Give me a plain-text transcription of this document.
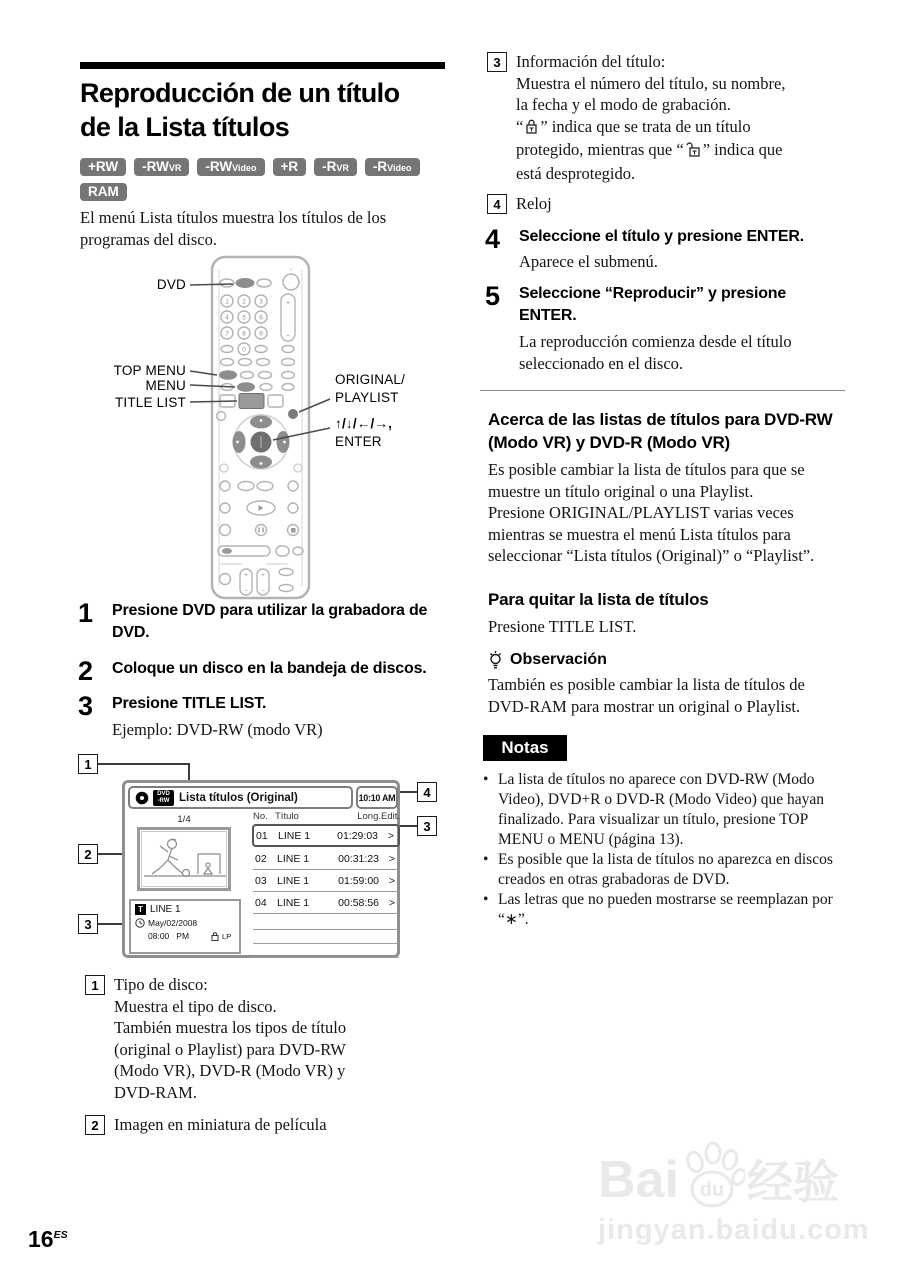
Reproducción de un título
de la Lista títulos
+RW -RW VR -RW Video +R -R VR -R Video
RAM
El menú Lista títulos muestra los títulos de los
programas del disco.
1 2 3
4 5 6
7 8 9
0
+
−
+
−
+
−
DVD
TOP MENU
MENU
TITLE LIST
ORIGINAL/
PLAYLIST
↑/↓/←/→,
ENTER
1	Presione DVD para utilizar la grabadora de
DVD.
2	Coloque un disco en la bandeja de discos.
3	Presione TITLE LIST.
Ejemplo: DVD-RW (modo VR)
1
4
3
2
3
DVD
-RW Lista títulos (Original)	10:10 AM
1/4
T LINE 1
May/02/2008
08:00 PM	LP
No. Título	Long. Edit.
01 LINE 1	01:29:03 >
02 LINE 1	00:31:23 >
03 LINE 1	01:59:00 >
04 LINE 1	00:58:56 >
1 Tipo de disco:
Muestra el tipo de disco.
También muestra los tipos de título
(original o Playlist) para DVD-RW
(Modo VR), DVD-R (Modo VR) y
DVD-RAM.
2 Imagen en miniatura de película
$16^{ES}$
3 Información del título:
Muestra el número del título, su nombre,
la fecha y el modo de grabación.
“ ” indica que se trata de un título
protegido, mientras que “ ” indica que
está desprotegido.
4 Reloj
4	Seleccione el título y presione ENTER.
Aparece el submenú.
5	Seleccione “Reproducir” y presione
ENTER.
La reproducción comienza desde el título
seleccionado en el disco.
Acerca de las listas de títulos para DVD-RW
(Modo VR) y DVD-R (Modo VR)
Es posible cambiar la lista de títulos para que se
muestre un título original o una Playlist.
Presione ORIGINAL/PLAYLIST varias veces
mientras se muestra el menú Lista títulos para
seleccionar “Lista títulos (Original)” o “Playlist”.
Para quitar la lista de títulos
Presione TITLE LIST.
Observación
También es posible cambiar la lista de títulos de
DVD-RAM para mostrar un original o Playlist.
Notas
• La lista de títulos no aparece con DVD-RW (Modo
Video), DVD+R o DVD-R (Modo Video) que hayan
finalizado. Para visualizar un título, presione TOP
MENU o MENU (página 13).
• Es posible que la lista de títulos no aparezca en discos
creados en otras grabadoras de DVD.
• Las letras que no pueden mostrarse se reemplazan por
“∗”.
Bai du 经验
jingyan.baidu.com
